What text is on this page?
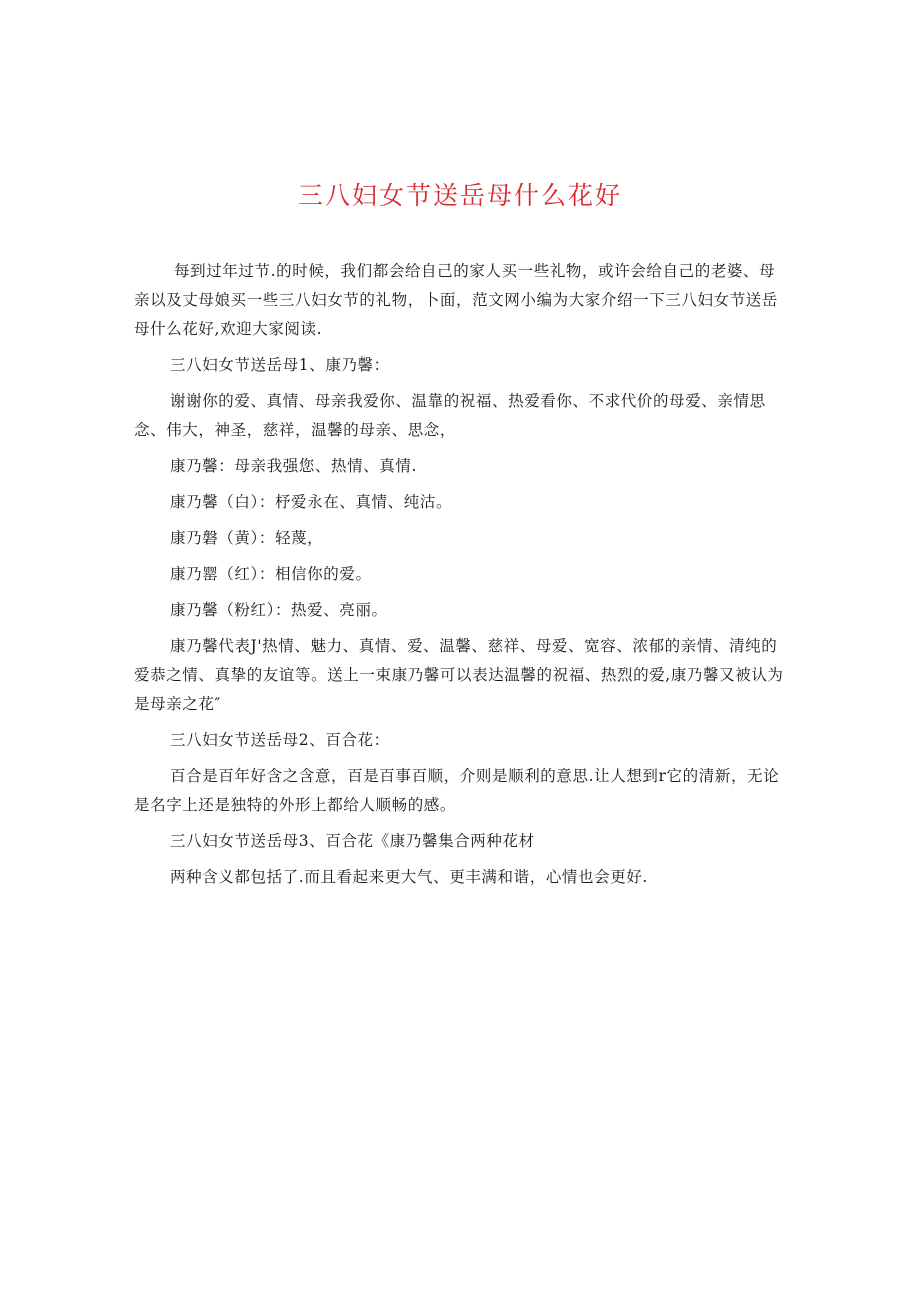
三八妇女节送岳母什么花好

每到过年过节.的时候，我们都会给自己的家人买一些礼物，或许会给自己的老婆、母亲以及丈母娘买一些三八妇女节的礼物，卜面，范文网小编为大家介绍一下三八妇女节送岳母什么花好,欢迎大家阅读.

三八妇女节送岳母1、康乃馨：

谢谢你的爱、真情、母亲我爱你、温靠的祝福、热爱看你、不求代价的母爱、亲情思念、伟大，神圣，慈祥，温馨的母亲、思念，

康乃馨：母亲我强您、热情、真情.

康乃馨（白）：杼爱永在、真情、纯沽。

康乃磐（黄）：轻蔑，

康乃罂（红）：相信你的爱。

康乃馨（粉红）：热爱、亮丽。

康乃馨代表J'热情、魅力、真情、爱、温馨、慈祥、母爱、宽容、浓郁的亲情、清纯的爱恭之情、真挚的友谊等。送上一束康乃馨可以表达温馨的祝福、热烈的爱,康乃馨又被认为是母亲之花″

三八妇女节送岳母2、百合花：

百合是百年好含之含意，百是百事百顺，介则是顺利的意思.让人想到r它的清新，无论是名字上还是独特的外形上都给人顺畅的感。

三八妇女节送岳母3、百合花《康乃馨集合两种花材

两种含义都包括了.而且看起来更大气、更丰满和谐，心情也会更好.
